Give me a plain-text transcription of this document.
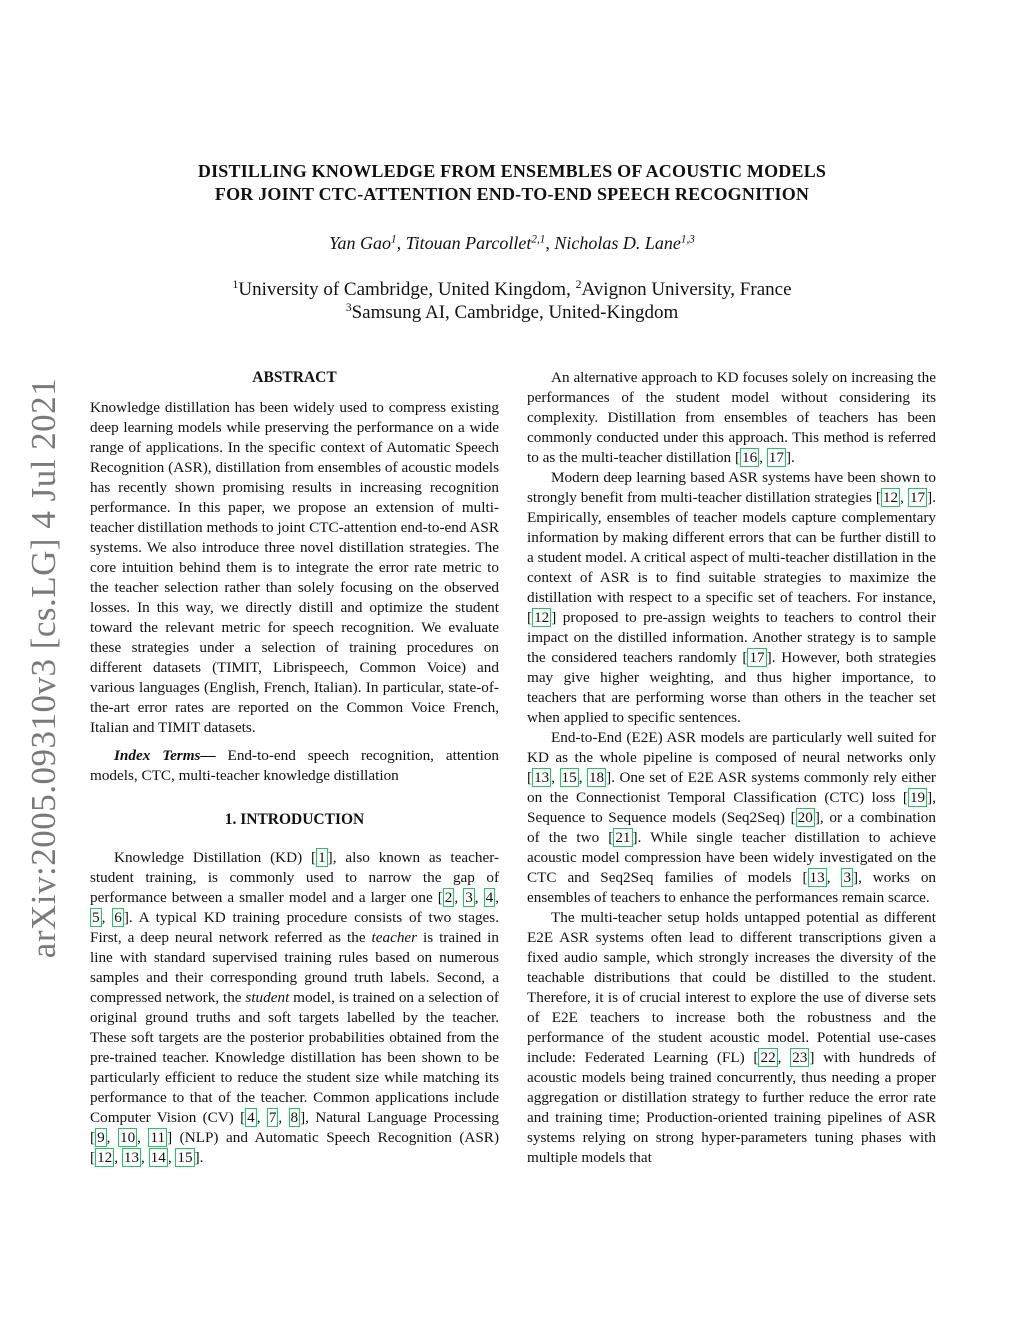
arXiv:2005.09310v3 [cs.LG] 4 Jul 2021
DISTILLING KNOWLEDGE FROM ENSEMBLES OF ACOUSTIC MODELS
FOR JOINT CTC-ATTENTION END-TO-END SPEECH RECOGNITION
Yan Gao$^1$, Titouan Parcollet$^{2,1}$, Nicholas D. Lane$^{1,3}$
$^1$University of Cambridge, United Kingdom, $^2$Avignon University, France
$^3$Samsung AI, Cambridge, United-Kingdom
ABSTRACT

Knowledge distillation has been widely used to compress existing deep learning models while preserving the performance on a wide range of applications. In the specific context of Automatic Speech Recognition (ASR), distillation from ensembles of acoustic models has recently shown promising results in increasing recognition performance. In this paper, we propose an extension of multi-teacher distillation methods to joint CTC-attention end-to-end ASR systems. We also introduce three novel distillation strategies. The core intuition behind them is to integrate the error rate metric to the teacher selection rather than solely focusing on the observed losses. In this way, we directly distill and optimize the student toward the relevant metric for speech recognition. We evaluate these strategies under a selection of training procedures on different datasets (TIMIT, Librispeech, Common Voice) and various languages (English, French, Italian). In particular, state-of-the-art error rates are reported on the Common Voice French, Italian and TIMIT datasets.

Index Terms— End-to-end speech recognition, attention models, CTC, multi-teacher knowledge distillation

1. INTRODUCTION

Knowledge Distillation (KD) [ 1 ], also known as teacher-student training, is commonly used to narrow the gap of performance between a smaller model and a larger one [ 2 , 3 , 4 , 5 , 6 ]. A typical KD training procedure consists of two stages. First, a deep neural network referred as the teacher is trained in line with standard supervised training rules based on numerous samples and their corresponding ground truth labels. Second, a compressed network, the student model, is trained on a selection of original ground truths and soft targets labelled by the teacher. These soft targets are the posterior probabilities obtained from the pre-trained teacher. Knowledge distillation has been shown to be particularly efficient to reduce the student size while matching its performance to that of the teacher. Common applications include Computer Vision (CV) [ 4 , 7 , 8 ], Natural Language Processing [ 9 , 10 , 11 ] (NLP) and Automatic Speech Recognition (ASR) [ 12 , 13 , 14 , 15 ].

An alternative approach to KD focuses solely on increasing the performances of the student model without considering its complexity. Distillation from ensembles of teachers has been commonly conducted under this approach. This method is referred to as the multi-teacher distillation [ 16 , 17 ].

Modern deep learning based ASR systems have been shown to strongly benefit from multi-teacher distillation strategies [ 12 , 17 ]. Empirically, ensembles of teacher models capture complementary information by making different errors that can be further distill to a student model. A critical aspect of multi-teacher distillation in the context of ASR is to find suitable strategies to maximize the distillation with respect to a specific set of teachers. For instance, [ 12 ] proposed to pre-assign weights to teachers to control their impact on the distilled information. Another strategy is to sample the considered teachers randomly [ 17 ]. However, both strategies may give higher weighting, and thus higher importance, to teachers that are performing worse than others in the teacher set when applied to specific sentences.

End-to-End (E2E) ASR models are particularly well suited for KD as the whole pipeline is composed of neural networks only [ 13 , 15 , 18 ]. One set of E2E ASR systems commonly rely either on the Connectionist Temporal Classification (CTC) loss [ 19 ], Sequence to Sequence models (Seq2Seq) [ 20 ], or a combination of the two [ 21 ]. While single teacher distillation to achieve acoustic model compression have been widely investigated on the CTC and Seq2Seq families of models [ 13 , 3 ], works on ensembles of teachers to enhance the performances remain scarce.

The multi-teacher setup holds untapped potential as different E2E ASR systems often lead to different transcriptions given a fixed audio sample, which strongly increases the diversity of the teachable distributions that could be distilled to the student. Therefore, it is of crucial interest to explore the use of diverse sets of E2E teachers to increase both the robustness and the performance of the student acoustic model. Potential use-cases include: Federated Learning (FL) [ 22 , 23 ] with hundreds of acoustic models being trained concurrently, thus needing a proper aggregation or distillation strategy to further reduce the error rate and training time; Production-oriented training pipelines of ASR systems relying on strong hyper-parameters tuning phases with multiple models that
